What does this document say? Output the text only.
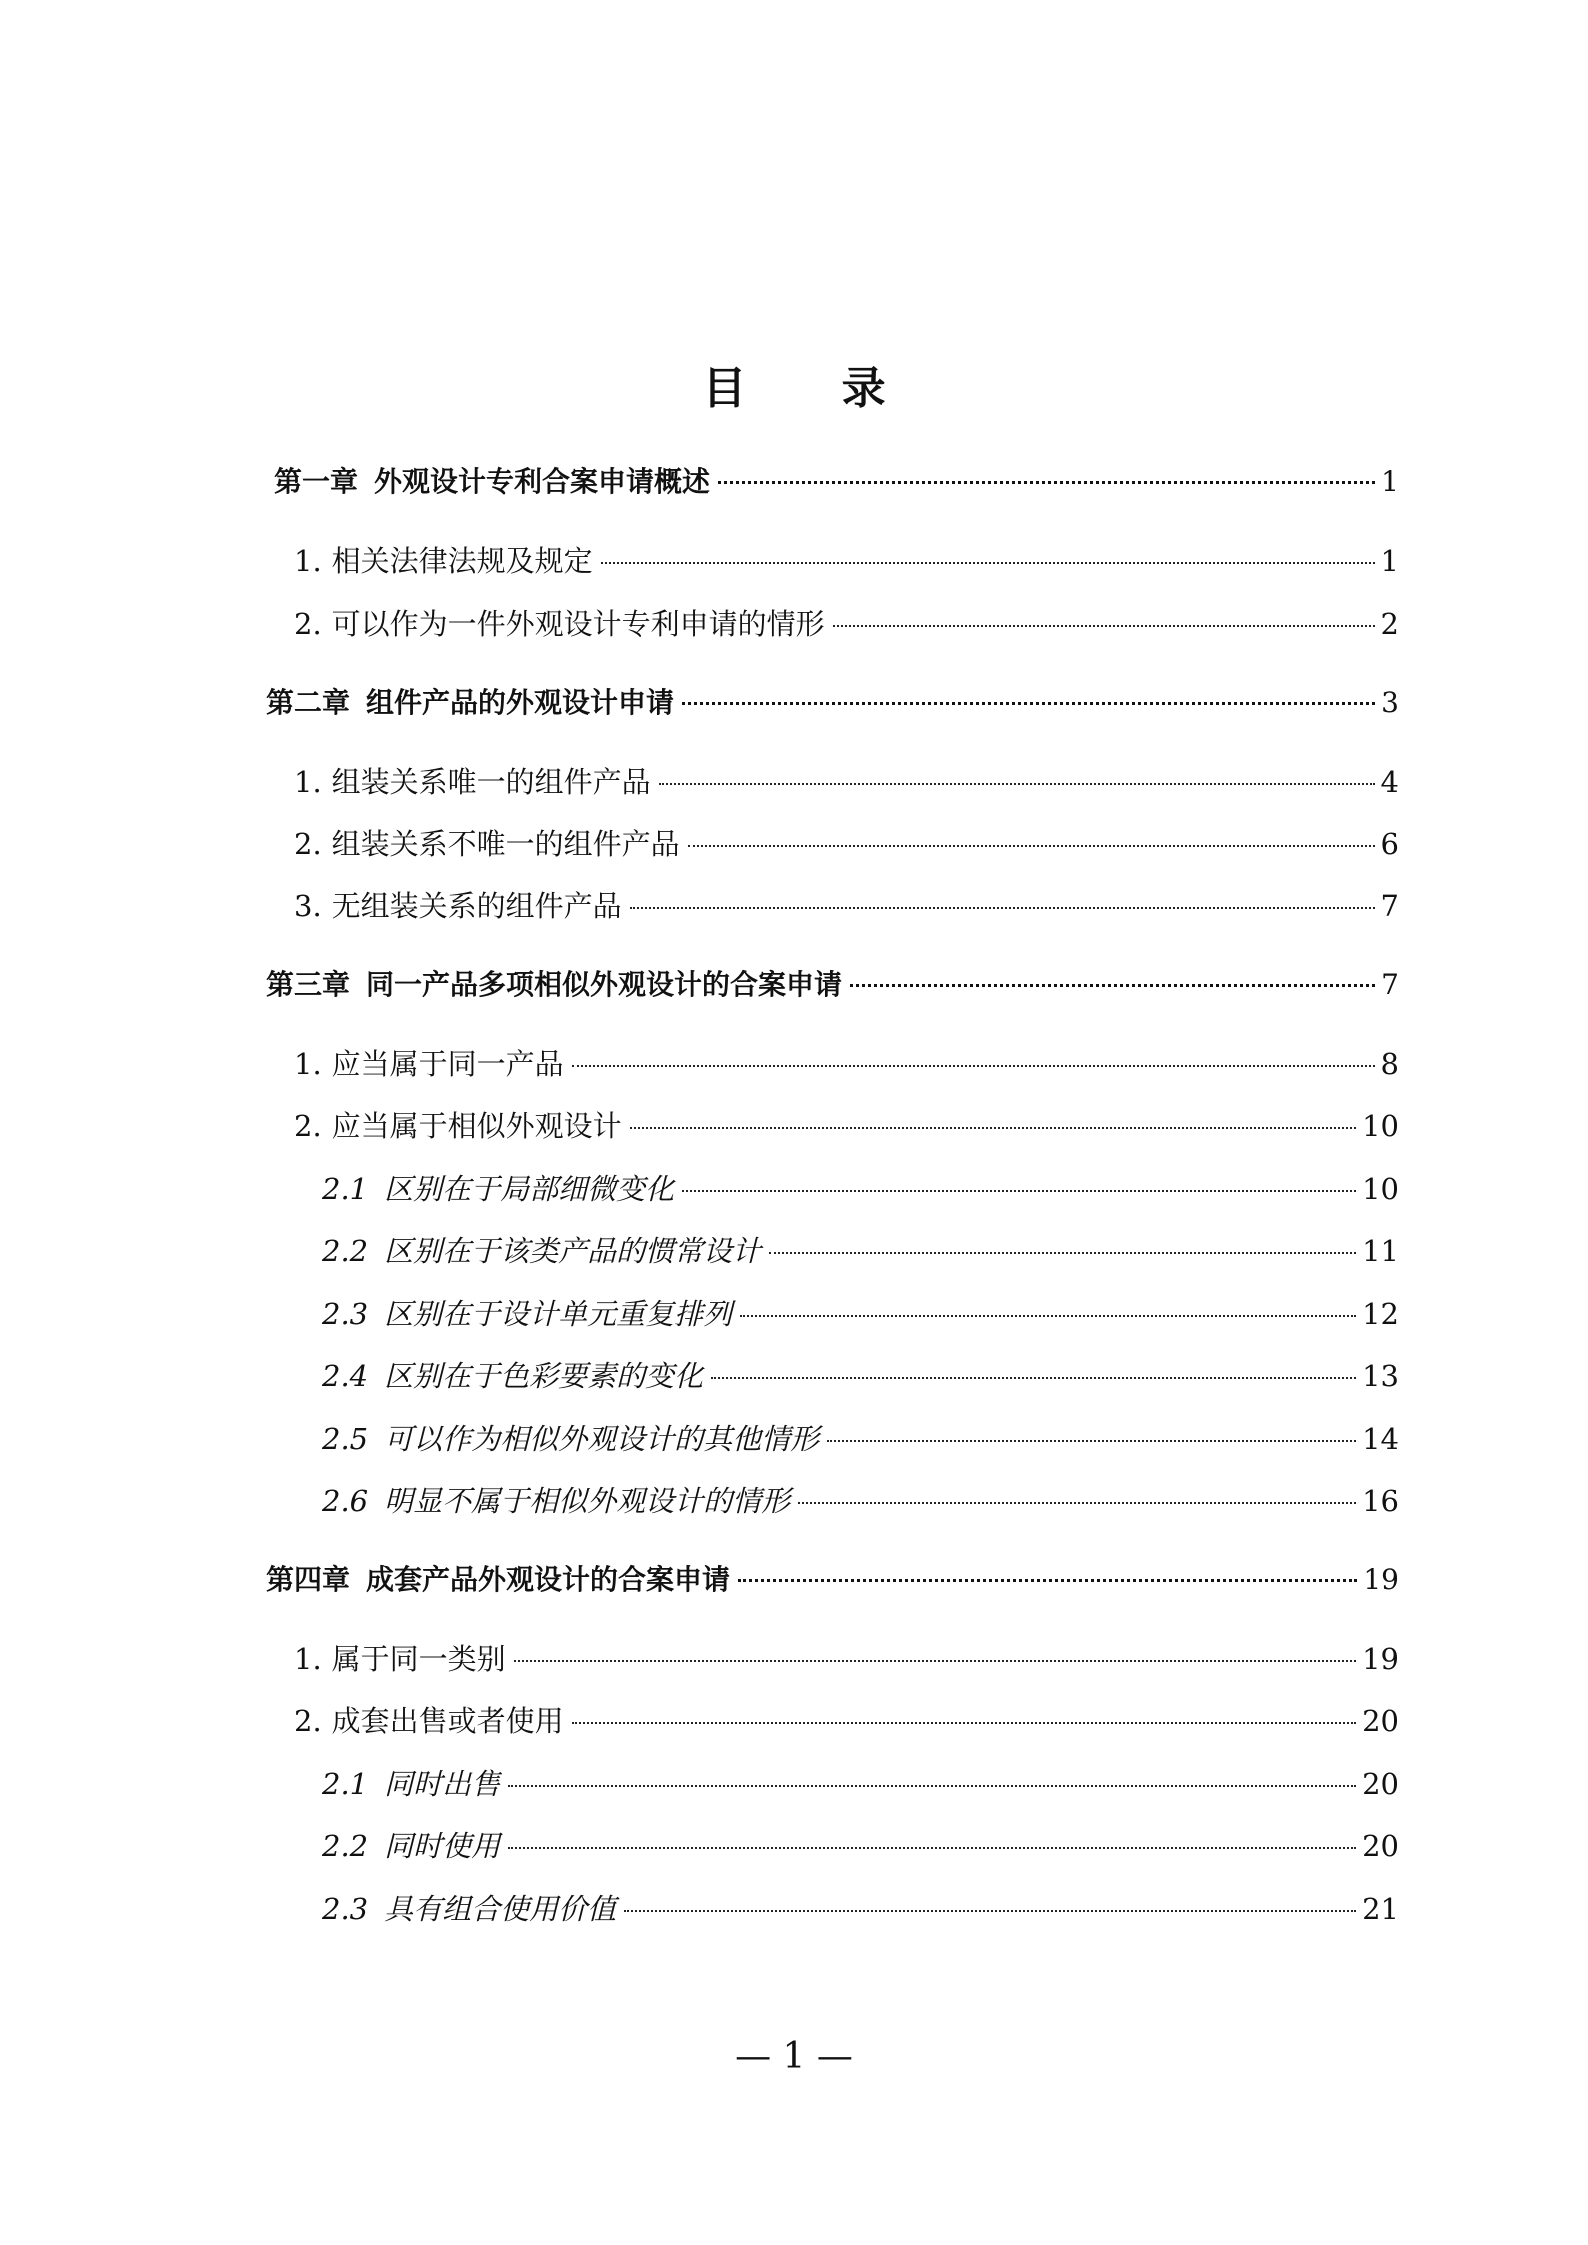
目 录
第一章 外观设计专利合案申请概述	1
1. 相关法律法规及规定	1
2. 可以作为一件外观设计专利申请的情形	2
第二章 组件产品的外观设计申请	3
1. 组装关系唯一的组件产品	4
2. 组装关系不唯一的组件产品	6
3. 无组装关系的组件产品	7
第三章 同一产品多项相似外观设计的合案申请	7
1. 应当属于同一产品	8
2. 应当属于相似外观设计	10
2.1 区别在于局部细微变化	10
2.2 区别在于该类产品的惯常设计	11
2.3 区别在于设计单元重复排列	12
2.4 区别在于色彩要素的变化	13
2.5 可以作为相似外观设计的其他情形	14
2.6 明显不属于相似外观设计的情形	16
第四章 成套产品外观设计的合案申请	19
1. 属于同一类别	19
2. 成套出售或者使用	20
2.1 同时出售	20
2.2 同时使用	20
2.3 具有组合使用价值	21
— 1 —
